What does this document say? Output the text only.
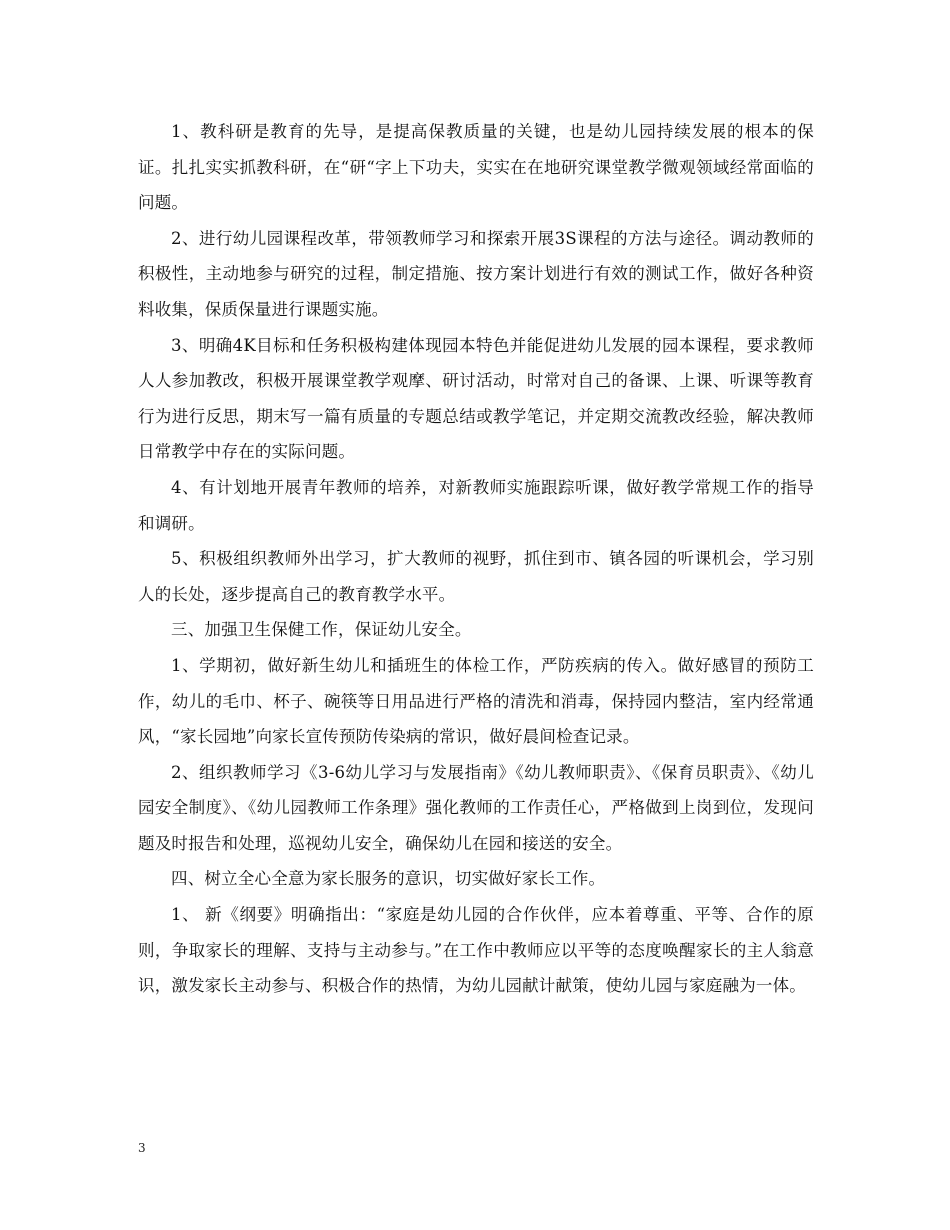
1、教科研是教育的先导，是提高保教质量的关键，也是幼儿园持续发展的根本的保证。扎扎实实抓教科研，在“研“字上下功夫，实实在在地研究课堂教学微观领域经常面临的问题。

2、进行幼儿园课程改革，带领教师学习和探索开展3S课程的方法与途径。调动教师的积极性，主动地参与研究的过程，制定措施、按方案计划进行有效的测试工作，做好各种资料收集，保质保量进行课题实施。

3、明确4K目标和任务积极构建体现园本特色并能促进幼儿发展的园本课程，要求教师人人参加教改，积极开展课堂教学观摩、研讨活动，时常对自己的备课、上课、听课等教育行为进行反思，期末写一篇有质量的专题总结或教学笔记，并定期交流教改经验，解决教师日常教学中存在的实际问题。

4、有计划地开展青年教师的培养，对新教师实施跟踪听课，做好教学常规工作的指导和调研。

5、积极组织教师外出学习，扩大教师的视野，抓住到市、镇各园的听课机会，学习别人的长处，逐步提高自己的教育教学水平。

三、加强卫生保健工作，保证幼儿安全。

1、学期初，做好新生幼儿和插班生的体检工作，严防疾病的传入。做好感冒的预防工作，幼儿的毛巾、杯子、碗筷等日用品进行严格的清洗和消毒，保持园内整洁，室内经常通风，“家长园地”向家长宣传预防传染病的常识，做好晨间检查记录。

2、组织教师学习《3-6幼儿学习与发展指南》《幼儿教师职责》、《保育员职责》、《幼儿园安全制度》、《幼儿园教师工作条理》强化教师的工作责任心，严格做到上岗到位，发现问题及时报告和处理，巡视幼儿安全，确保幼儿在园和接送的安全。

四、树立全心全意为家长服务的意识，切实做好家长工作。

1、 新《纲要》明确指出：“家庭是幼儿园的合作伙伴，应本着尊重、平等、合作的原则，争取家长的理解、支持与主动参与。”在工作中教师应以平等的态度唤醒家长的主人翁意识，激发家长主动参与、积极合作的热情，为幼儿园献计献策，使幼儿园与家庭融为一体。

3
